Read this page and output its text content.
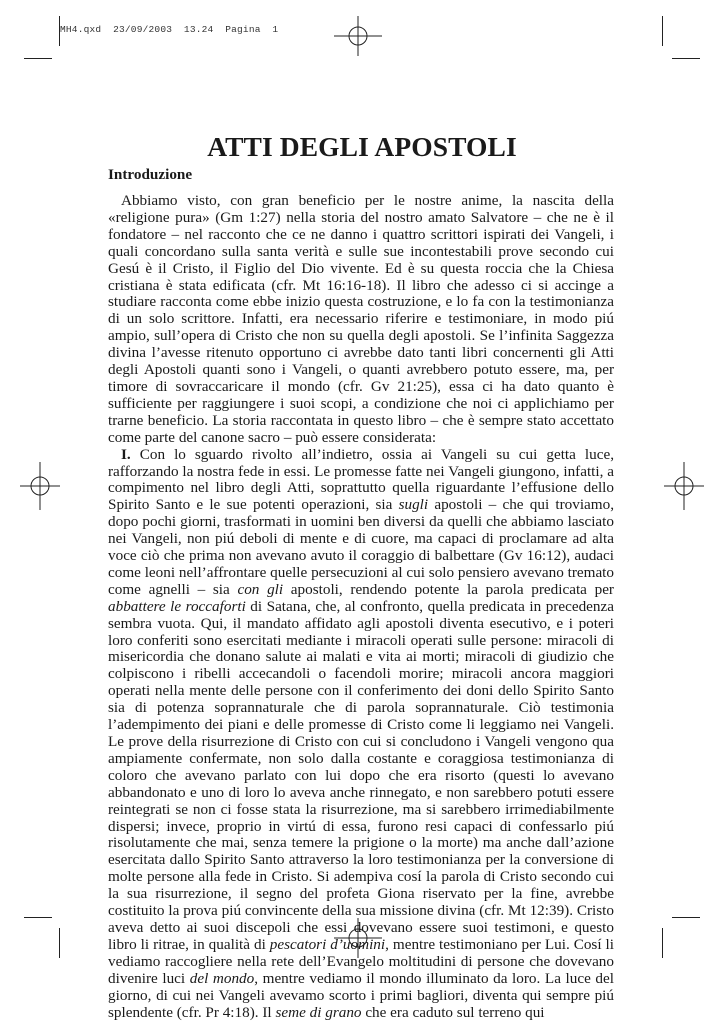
MH4.qxd  23/09/2003  13.24  Pagina  1
ATTI DEGLI APOSTOLI
Introduzione

Abbiamo visto, con gran beneficio per le nostre anime, la nascita della «religione pura» (Gm 1:27) nella storia del nostro amato Salvatore – che ne è il fondatore – nel racconto che ce ne danno i quattro scrittori ispirati dei Vangeli, i quali concordano sulla santa verità e sulle sue incontestabili prove secondo cui Gesú è il Cristo, il Figlio del Dio vivente. Ed è su questa roccia che la Chiesa cristiana è stata edificata (cfr. Mt 16:16-18). Il libro che adesso ci si accinge a studiare racconta come ebbe inizio questa costruzione, e lo fa con la testimonianza di un solo scrittore. Infatti, era necessario riferire e testimoniare, in modo piú ampio, sull’opera di Cristo che non su quella degli apostoli. Se l’infinita Saggezza divina l’avesse ritenuto opportuno ci avrebbe dato tanti libri concernenti gli Atti degli Apostoli quanti sono i Vangeli, o quanti avrebbero potuto essere, ma, per timore di sovraccaricare il mondo (cfr. Gv 21:25), essa ci ha dato quanto è sufficiente per raggiungere i suoi scopi, a condizione che noi ci applichiamo per trarne beneficio. La storia raccontata in questo libro – che è sempre stato accettato come parte del canone sacro – può essere considerata:

I. Con lo sguardo rivolto all’indietro, ossia ai Vangeli su cui getta luce, rafforzando la nostra fede in essi. Le promesse fatte nei Vangeli giungono, infatti, a compimento nel libro degli Atti, soprattutto quella riguardante l’effusione dello Spirito Santo e le sue potenti operazioni, sia sugli apostoli – che qui troviamo, dopo pochi giorni, trasformati in uomini ben diversi da quelli che abbiamo lasciato nei Vangeli, non piú deboli di mente e di cuore, ma capaci di proclamare ad alta voce ciò che prima non avevano avuto il coraggio di balbettare (Gv 16:12), audaci come leoni nell’affrontare quelle persecuzioni al cui solo pensiero avevano tremato come agnelli – sia con gli apostoli, rendendo potente la parola predicata per abbattere le roccaforti di Satana, che, al confronto, quella predicata in precedenza sembra vuota. Qui, il mandato affidato agli apostoli diventa esecutivo, e i poteri loro conferiti sono esercitati mediante i miracoli operati sulle persone: miracoli di misericordia che donano salute ai malati e vita ai morti; miracoli di giudizio che colpiscono i ribelli accecandoli o facendoli morire; miracoli ancora maggiori operati nella mente delle persone con il conferimento dei doni dello Spirito Santo sia di potenza soprannaturale che di parola soprannaturale. Ciò testimonia l’adempimento dei piani e delle promesse di Cristo come li leggiamo nei Vangeli. Le prove della risurrezione di Cristo con cui si concludono i Vangeli vengono qua ampiamente confermate, non solo dalla costante e coraggiosa testimonianza di coloro che avevano parlato con lui dopo che era risorto (questi lo avevano abbandonato e uno di loro lo aveva anche rinnegato, e non sarebbero potuti essere reintegrati se non ci fosse stata la risurrezione, ma si sarebbero irrimediabilmente dispersi; invece, proprio in virtú di essa, furono resi capaci di confessarlo piú risolutamente che mai, senza temere la prigione o la morte) ma anche dall’azione esercitata dallo Spirito Santo attraverso la loro testimonianza per la conversione di molte persone alla fede in Cristo. Si adempiva cosí la parola di Cristo secondo cui la sua risurrezione, il segno del profeta Giona riservato per la fine, avrebbe costituito la prova piú convincente della sua missione divina (cfr. Mt 12:39). Cristo aveva detto ai suoi discepoli che essi dovevano essere suoi testimoni, e questo libro li ritrae, in qualità di pescatori d’uomini, mentre testimoniano per Lui. Cosí li vediamo raccogliere nella rete dell’Evangelo moltitudini di persone che dovevano divenire luci del mondo, mentre vediamo il mondo illuminato da loro. La luce del giorno, di cui nei Vangeli avevamo scorto i primi bagliori, diventa qui sempre piú splendente (cfr. Pr 4:18). Il seme di grano che era caduto sul terreno qui
